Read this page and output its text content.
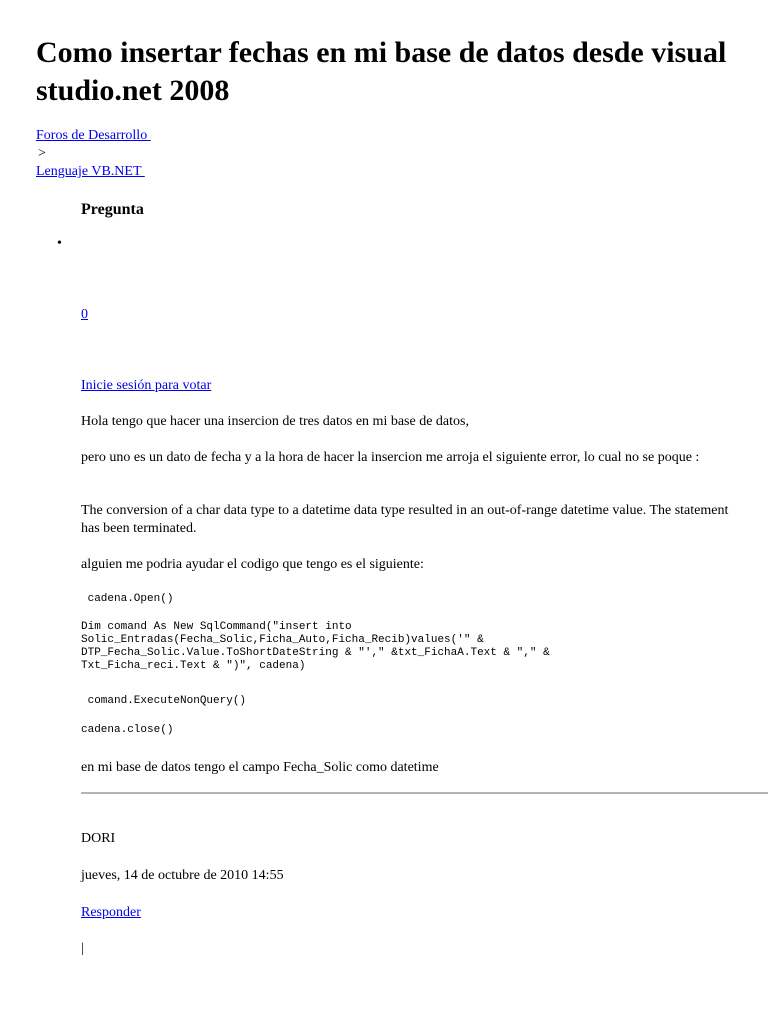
Como insertar fechas en mi base de datos desde visual studio.net 2008
Foros de Desarrollo
>
Lenguaje VB.NET
Pregunta
•
0
Inicie sesión para votar

Hola tengo que hacer una insercion de tres datos en mi base de datos,

pero uno es un dato de fecha y a la hora de hacer la insercion me arroja el siguiente error, lo cual no se poque :

The conversion of a char data type to a datetime data type resulted in an out-of-range datetime value. The statement has been terminated.

alguien me podria ayudar el codigo que tengo es el siguiente:

cadena.Open()
Dim comand As New SqlCommand("insert into
Solic_Entradas(Fecha_Solic,Ficha_Auto,Ficha_Recib)values('" &
DTP_Fecha_Solic.Value.ToShortDateString & "'," &txt_FichaA.Text & "," &
Txt_Ficha_reci.Text & ")", cadena)
comand.ExecuteNonQuery()
cadena.close()

en mi base de datos tengo el campo Fecha_Solic como datetime

DORI
jueves, 14 de octubre de 2010 14:55
Responder
|
